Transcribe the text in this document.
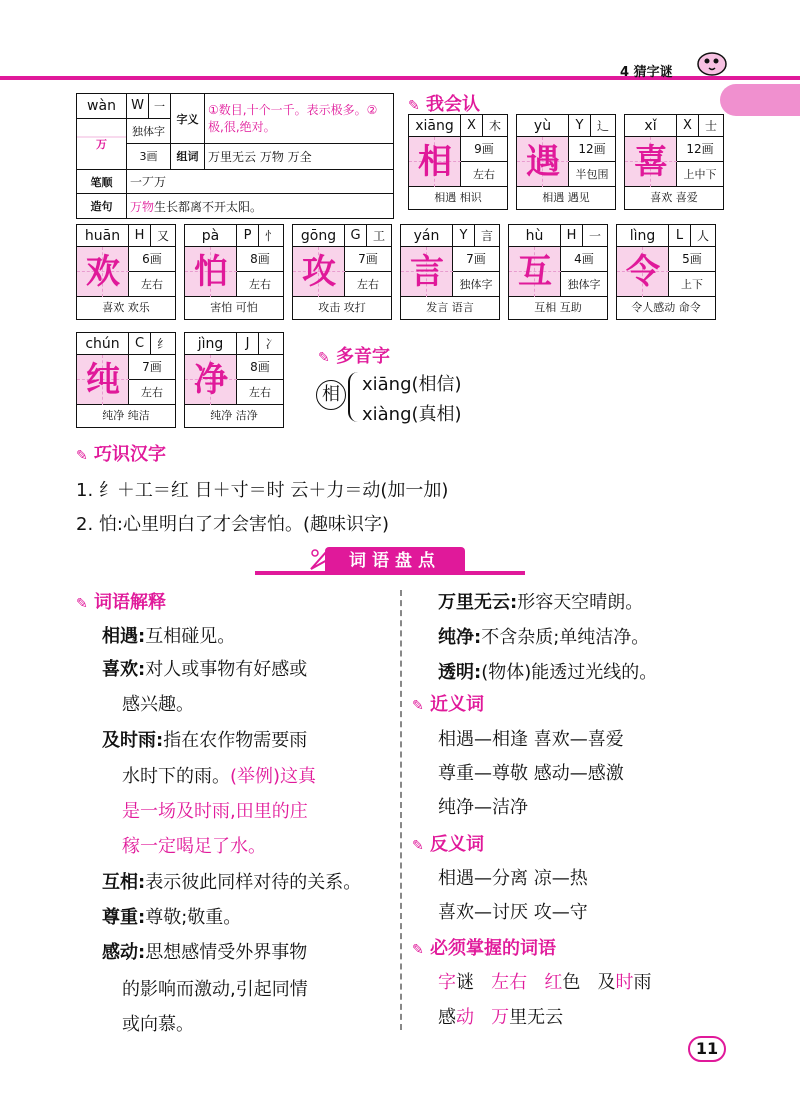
4 猜字谜
wàn	W	一	字义	①数目,十个一千。表示极多。②极,很,绝对。
万	独体字			
	3画		组词	万里无云 万物 万全
笔顺	一丆万			
造句	万物生长都离不开太阳。			
✎ 我会认
xiāng	X	木
相	9画
左右
相遇 相识
yù	Y	辶
遇	12画
半包围
相遇 遇见
xǐ	X	士
喜	12画
上中下
喜欢 喜爱
huān	H	又
欢	6画
左右
喜欢 欢乐
pà	P	忄
怕	8画
左右
害怕 可怕
gōng	G	工
攻	7画
左右
攻击 攻打
yán	Y	言
言	7画
独体字
发言 语言
hù	H	一
互	4画
独体字
互相 互助
lìng	L	人
令	5画
上下
令人感动 命令
chún	C	纟
纯	7画
左右
纯净 纯洁
jìng	J	冫
净	8画
左右
纯净 洁净
✎ 多音字
相	xiāng(相信)
xiàng(真相)
✎ 巧识汉字
1. 纟＋工＝红 日＋寸＝时 云＋力＝动(加一加)
2. 怕:心里明白了才会害怕。(趣味识字)
词语盘点
✎ 词语解释
相遇:互相碰见。
喜欢:对人或事物有好感或
感兴趣。
及时雨:指在农作物需要雨
水时下的雨。(举例)这真
是一场及时雨,田里的庄
稼一定喝足了水。
互相:表示彼此同样对待的关系。
尊重:尊敬;敬重。
感动:思想感情受外界事物
的影响而激动,引起同情
或向慕。
万里无云:形容天空晴朗。
纯净:不含杂质;单纯洁净。
透明:(物体)能透过光线的。
✎ 近义词
相遇—相逢 喜欢—喜爱
尊重—尊敬 感动—感激
纯净—洁净
✎ 反义词
相遇—分离 凉—热
喜欢—讨厌 攻—守
✎ 必须掌握的词语
字谜 左右 红色 及时雨
感动 万里无云
11
